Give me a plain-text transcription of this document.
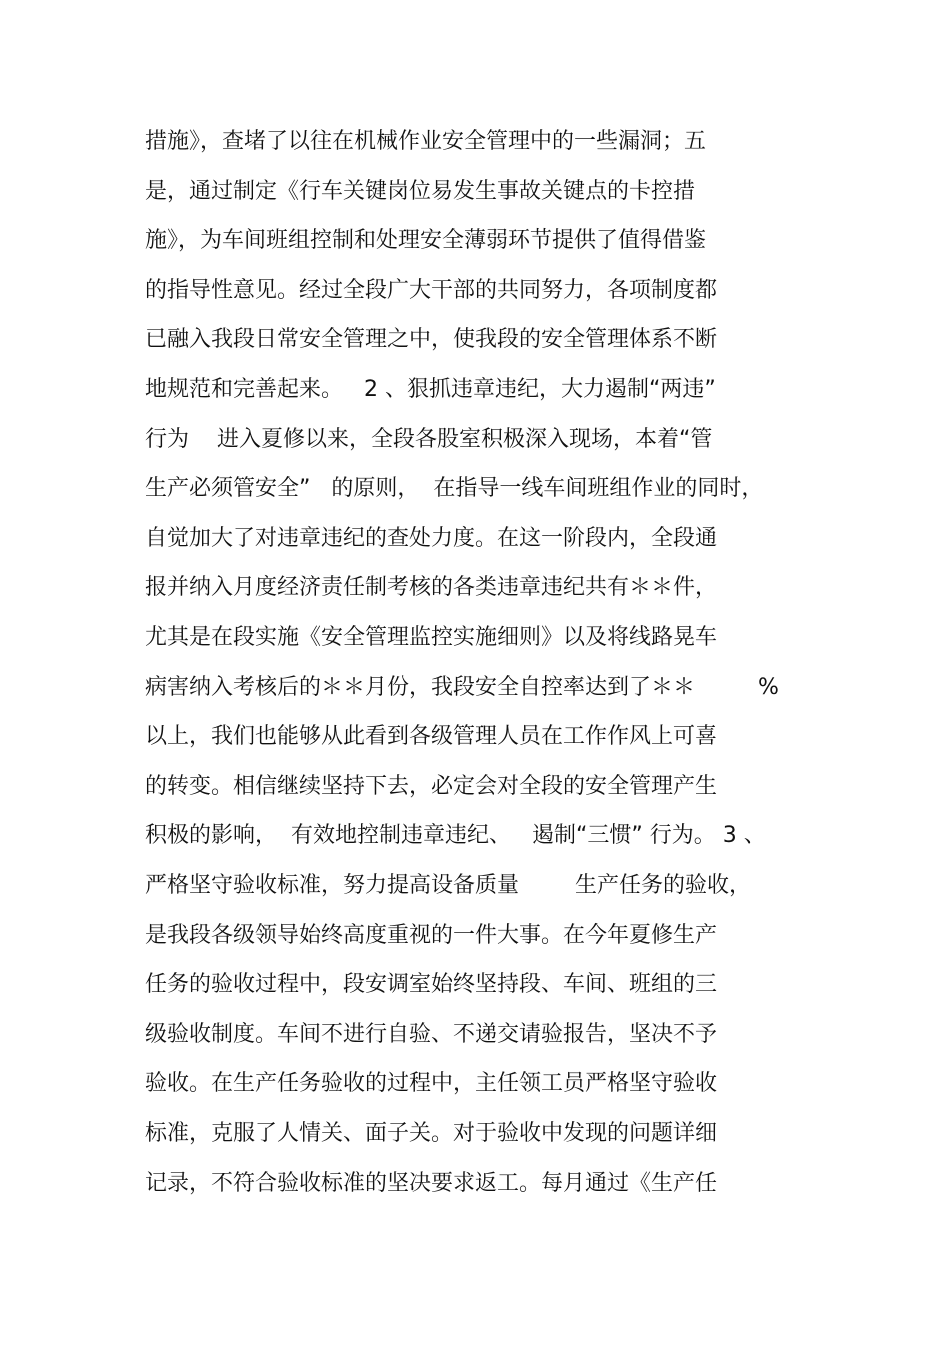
措施》，查堵了以往在机械作业安全管理中的一些漏洞；五
是，通过制定《行车关键岗位易发生事故关键点的卡控措
施》，为车间班组控制和处理安全薄弱环节提供了值得借鉴
的指导性意见。经过全段广大干部的共同努力，各项制度都
已融入我段日常安全管理之中，使我段的安全管理体系不断
地规范和完善起来。   2 、狠抓违章违纪，大力遏制“两违”
行为    进入夏修以来，全段各股室积极深入现场，本着“管
生产必须管安全”   的原则，  在指导一线车间班组作业的同时，
自觉加大了对违章违纪的查处力度。在这一阶段内，全段通
报并纳入月度经济责任制考核的各类违章违纪共有＊＊件，
尤其是在段实施《安全管理监控实施细则》以及将线路晃车
病害纳入考核后的＊＊月份，我段安全自控率达到了＊＊         %
以上，我们也能够从此看到各级管理人员在工作作风上可喜
的转变。相信继续坚持下去，必定会对全段的安全管理产生
积极的影响，  有效地控制违章违纪、   遏制“三惯” 行为。 3 、
严格坚守验收标准，努力提高设备质量        生产任务的验收，
是我段各级领导始终高度重视的一件大事。在今年夏修生产
任务的验收过程中，段安调室始终坚持段、车间、班组的三
级验收制度。车间不进行自验、不递交请验报告，坚决不予
验收。在生产任务验收的过程中，主任领工员严格坚守验收
标准，克服了人情关、面子关。对于验收中发现的问题详细
记录，不符合验收标准的坚决要求返工。每月通过《生产任
